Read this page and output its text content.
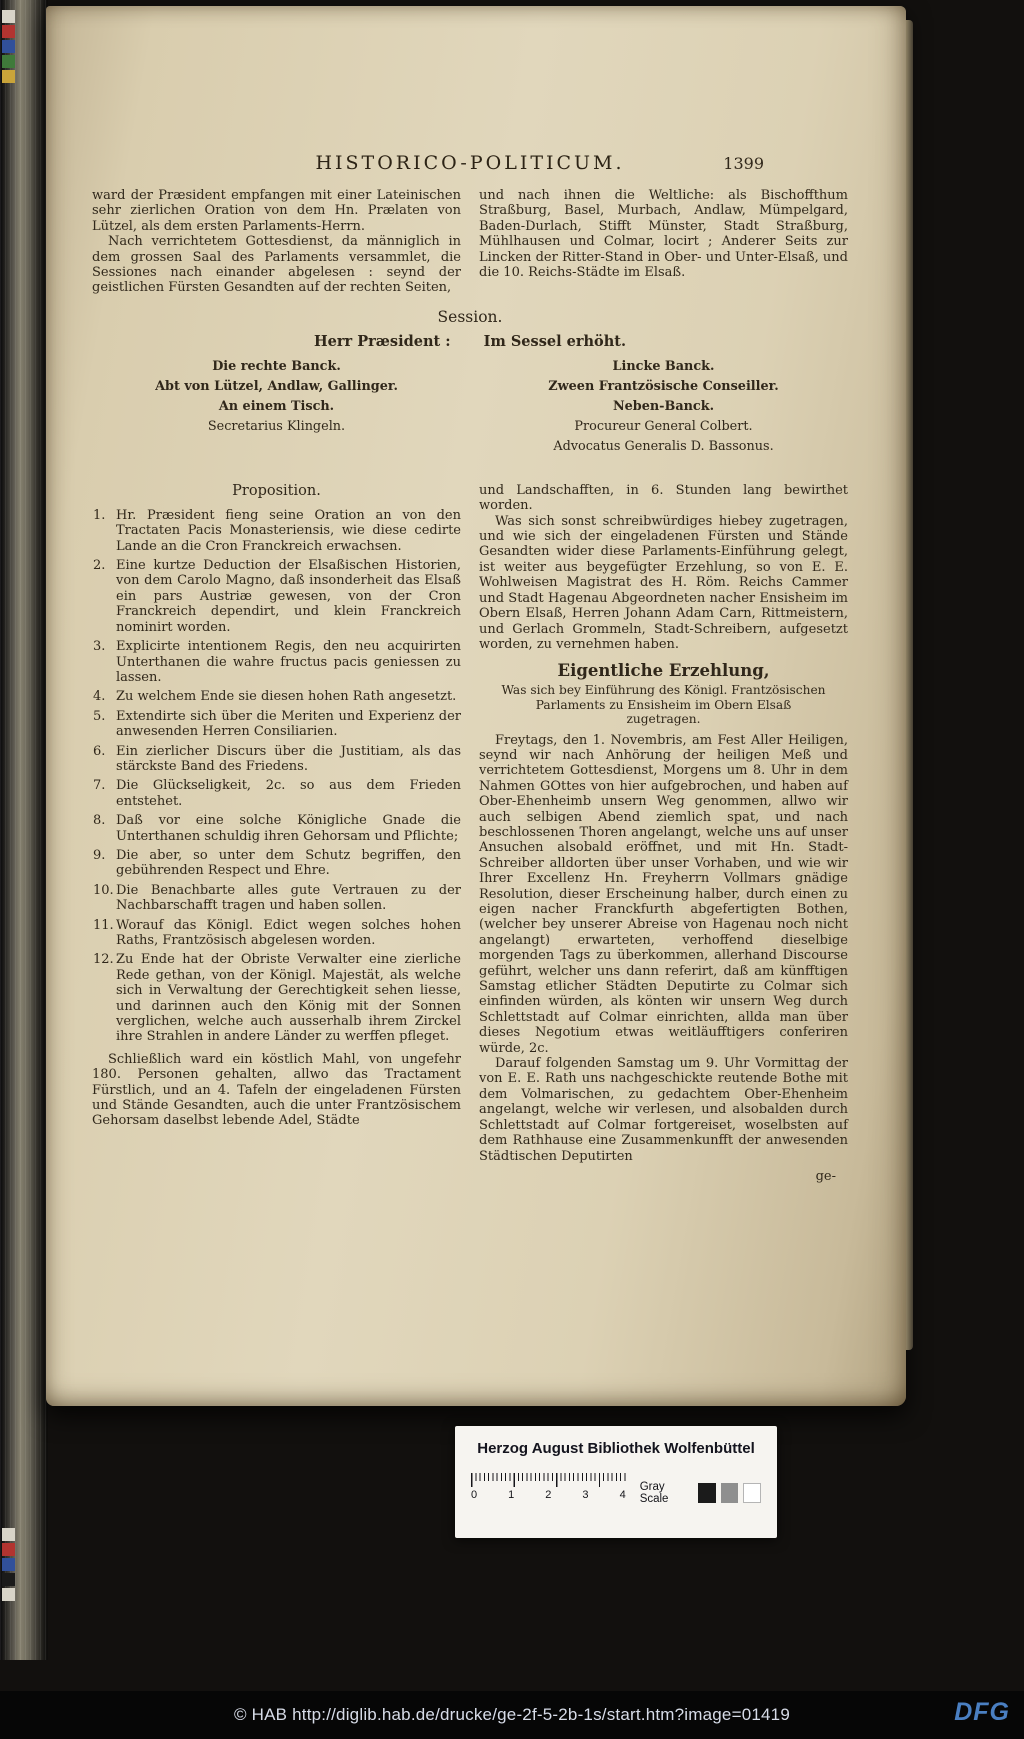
HISTORICO-POLITICUM.	1399

ward der Præsident empfangen mit einer Lateinischen sehr zierlichen Oration von dem Hn. Prælaten von Lützel, als dem ersten Parlaments-Herrn.

Nach verrichtetem Gottesdienst, da männiglich in dem grossen Saal des Parlaments versammlet, die Sessiones nach einander abgelesen : seynd der geistlichen Fürsten Gesandten auf der rechten Seiten,

und nach ihnen die Weltliche: als Bischoffthum Straßburg, Basel, Murbach, Andlaw, Mümpelgard, Baden-Durlach, Stifft Münster, Stadt Straßburg, Mühlhausen und Colmar, locirt ; Anderer Seits zur Lincken der Ritter-Stand in Ober- und Unter-Elsaß, und die 10. Reichs-Städte im Elsaß.

Session.
Herr Præsident : Im Sessel erhöht.
Die rechte Banck.
Abt von Lützel, Andlaw, Gallinger.
An einem Tisch.
Secretarius Klingeln.
Lincke Banck.
Zween Frantzösische Conseiller.
Neben-Banck.
Procureur General Colbert.
Advocatus Generalis D. Bassonus.
Proposition.
1. Hr. Præsident fieng seine Oration an von den Tractaten Pacis Monasteriensis, wie diese cedirte Lande an die Cron Franckreich erwachsen.
2. Eine kurtze Deduction der Elsaßischen Historien, von dem Carolo Magno, daß insonderheit das Elsaß ein pars Austriæ gewesen, von der Cron Franckreich dependirt, und klein Franckreich nominirt worden.
3. Explicirte intentionem Regis, den neu acquirirten Unterthanen die wahre fructus pacis geniessen zu lassen.
4. Zu welchem Ende sie diesen hohen Rath angesetzt.
5. Extendirte sich über die Meriten und Experienz der anwesenden Herren Consiliarien.
6. Ein zierlicher Discurs über die Justitiam, als das stärckste Band des Friedens.
7. Die Glückseligkeit, 2c. so aus dem Frieden entstehet.
8. Daß vor eine solche Königliche Gnade die Unterthanen schuldig ihren Gehorsam und Pflichte;
9. Die aber, so unter dem Schutz begriffen, den gebührenden Respect und Ehre.
10. Die Benachbarte alles gute Vertrauen zu der Nachbarschafft tragen und haben sollen.
11. Worauf das Königl. Edict wegen solches hohen Raths, Frantzösisch abgelesen worden.
12. Zu Ende hat der Obriste Verwalter eine zierliche Rede gethan, von der Königl. Majestät, als welche sich in Verwaltung der Gerechtigkeit sehen liesse, und darinnen auch den König mit der Sonnen verglichen, welche auch ausserhalb ihrem Zirckel ihre Strahlen in andere Länder zu werffen pfleget.

Schließlich ward ein köstlich Mahl, von ungefehr 180. Personen gehalten, allwo das Tractament Fürstlich, und an 4. Tafeln der eingeladenen Fürsten und Stände Gesandten, auch die unter Frantzösischem Gehorsam daselbst lebende Adel, Städte

und Landschafften, in 6. Stunden lang bewirthet worden.

Was sich sonst schreibwürdiges hiebey zugetragen, und wie sich der eingeladenen Fürsten und Stände Gesandten wider diese Parlaments-Einführung gelegt, ist weiter aus beygefügter Erzehlung, so von E. E. Wohlweisen Magistrat des H. Röm. Reichs Cammer und Stadt Hagenau Abgeordneten nacher Ensisheim im Obern Elsaß, Herren Johann Adam Carn, Rittmeistern, und Gerlach Grommeln, Stadt-Schreibern, aufgesetzt worden, zu vernehmen haben.

Eigentliche Erzehlung,
Was sich bey Einführung des Königl. Frantzösischen Parlaments zu Ensisheim im Obern Elsaß zugetragen.

Freytags, den 1. Novembris, am Fest Aller Heiligen, seynd wir nach Anhörung der heiligen Meß und verrichtetem Gottesdienst, Morgens um 8. Uhr in dem Nahmen GOttes von hier aufgebrochen, und haben auf Ober-Ehenheimb unsern Weg genommen, allwo wir auch selbigen Abend ziemlich spat, und nach beschlossenen Thoren angelangt, welche uns auf unser Ansuchen alsobald eröffnet, und mit Hn. Stadt-Schreiber alldorten über unser Vorhaben, und wie wir Ihrer Excellenz Hn. Freyherrn Vollmars gnädige Resolution, dieser Erscheinung halber, durch einen zu eigen nacher Franckfurth abgefertigten Bothen, (welcher bey unserer Abreise von Hagenau noch nicht angelangt) erwarteten, verhoffend dieselbige morgenden Tags zu überkommen, allerhand Discourse geführt, welcher uns dann referirt, daß am künfftigen Samstag etlicher Städten Deputirte zu Colmar sich einfinden würden, als könten wir unsern Weg durch Schlettstadt auf Colmar einrichten, allda man über dieses Negotium etwas weitläufftigers conferiren würde, 2c.

Darauf folgenden Samstag um 9. Uhr Vormittag der von E. E. Rath uns nachgeschickte reutende Bothe mit dem Volmarischen, zu gedachtem Ober-Ehenheim angelangt, welche wir verlesen, und alsobalden durch Schlettstadt auf Colmar fortgereiset, woselbsten auf dem Rathhause eine Zusammenkunfft der anwesenden Städtischen Deputirten

ge-
Herzog August Bibliothek Wolfenbüttel
0	1	2	3	4
Gray Scale
© HAB http://diglib.hab.de/drucke/ge-2f-5-2b-1s/start.htm?image=01419	DFG
